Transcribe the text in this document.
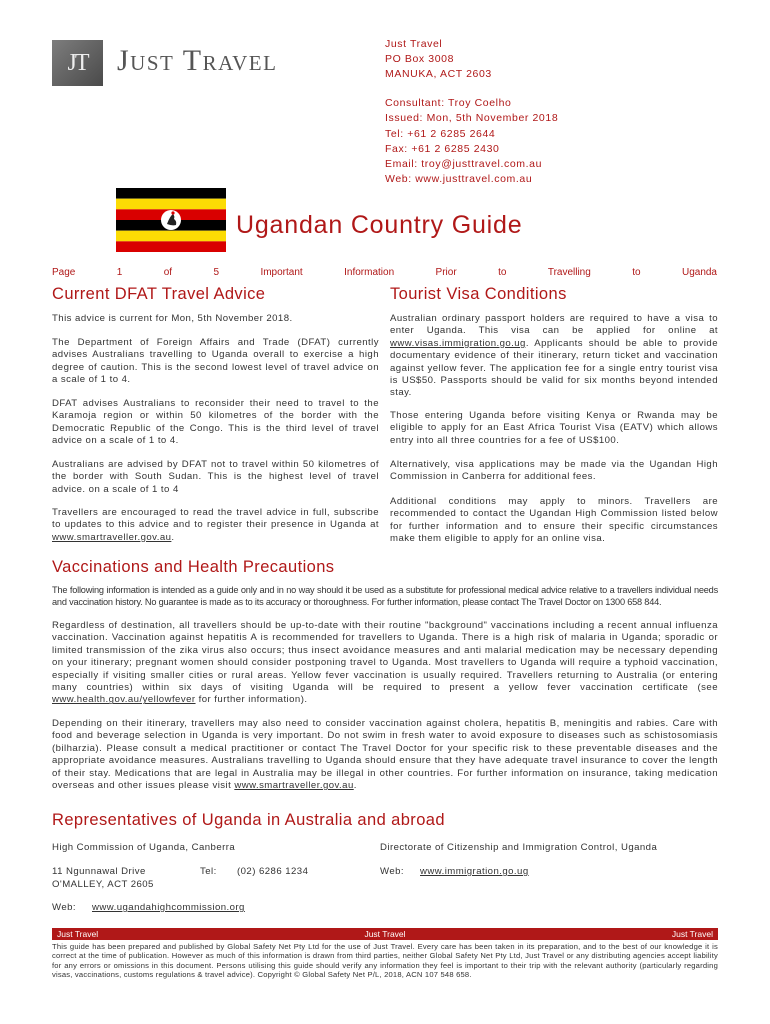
JT Just Travel	Just Travel
PO Box 3008
MANUKA, ACT 2603
Consultant: Troy Coelho
Issued: Mon, 5th November 2018
Tel: +61 2 6285 2644
Fax: +61 2 6285 2430
Email: troy@justtravel.com.au
Web: www.justtravel.com.au
Ugandan Country Guide
Page	1	of	5	Important	Information	Prior	to	Travelling	to	Uganda
Current DFAT Travel Advice

This advice is current for Mon, 5th November 2018.

The Department of Foreign Affairs and Trade (DFAT) currently advises Australians travelling to Uganda overall to exercise a high degree of caution. This is the second lowest level of travel advice on a scale of 1 to 4.

DFAT advises Australians to reconsider their need to travel to the Karamoja region or within 50 kilometres of the border with the Democratic Republic of the Congo. This is the third level of travel advice on a scale of 1 to 4.

Australians are advised by DFAT not to travel within 50 kilometres of the border with South Sudan. This is the highest level of travel advice. on a scale of 1 to 4

Travellers are encouraged to read the travel advice in full, subscribe to updates to this advice and to register their presence in Uganda at www.smartraveller.gov.au.

Tourist Visa Conditions

Australian ordinary passport holders are required to have a visa to enter Uganda. This visa can be applied for online at www.visas.immigration.go.ug. Applicants should be able to provide documentary evidence of their itinerary, return ticket and vaccination against yellow fever. The application fee for a single entry tourist visa is US$50. Passports should be valid for six months beyond intended stay.

Those entering Uganda before visiting Kenya or Rwanda may be eligible to apply for an East Africa Tourist Visa (EATV) which allows entry into all three countries for a fee of US$100.

Alternatively, visa applications may be made via the Ugandan High Commission in Canberra for additional fees.

Additional conditions may apply to minors. Travellers are recommended to contact the Ugandan High Commission listed below for further information and to ensure their specific circumstances make them eligible to apply for an online visa.

Vaccinations and Health Precautions

The following information is intended as a guide only and in no way should it be used as a substitute for professional medical advice relative to a travellers individual needs and vaccination history. No guarantee is made as to its accuracy or thoroughness. For further information, please contact The Travel Doctor on 1300 658 844.

Regardless of destination, all travellers should be up-to-date with their routine "background" vaccinations including a recent annual influenza vaccination. Vaccination against hepatitis A is recommended for travellers to Uganda. There is a high risk of malaria in Uganda; sporadic or limited transmission of the zika virus also occurs; thus insect avoidance measures and anti malarial medication may be necessary depending on your itinerary; pregnant women should consider postponing travel to Uganda. Most travellers to Uganda will require a typhoid vaccination, especially if visiting smaller cities or rural areas. Yellow fever vaccination is usually required. Travellers returning to Australia (or entering many countries) within six days of visiting Uganda will be required to present a yellow fever vaccination certificate (see www.health.gov.au/yellowfever for further information).

Depending on their itinerary, travellers may also need to consider vaccination against cholera, hepatitis B, meningitis and rabies. Care with food and beverage selection in Uganda is very important. Do not swim in fresh water to avoid exposure to diseases such as schistosomiasis (bilharzia). Please consult a medical practitioner or contact The Travel Doctor for your specific risk to these preventable diseases and the appropriate avoidance measures. Australians travelling to Uganda should ensure that they have adequate travel insurance to cover the length of their stay. Medications that are legal in Australia may be illegal in other countries. For further information on insurance, taking medication overseas and other issues please visit www.smartraveller.gov.au.

Representatives of Uganda in Australia and abroad
High Commission of Uganda, Canberra
11 Ngunnawal Drive
O'MALLEY, ACT 2605
Tel: (02) 6286 1234
Web: www.ugandahighcommission.org
Directorate of Citizenship and Immigration Control, Uganda
Web: www.immigration.go.ug
Just Travel	Just Travel	Just Travel

This guide has been prepared and published by Global Safety Net Pty Ltd for the use of Just Travel. Every care has been taken in its preparation, and to the best of our knowledge it is correct at the time of publication. However as much of this information is drawn from third parties, neither Global Safety Net Pty Ltd, Just Travel or any distributing agencies accept liability for any errors or omissions in this document. Persons utilising this guide should verify any information they feel is important to their trip with the relevant authority (particularly regarding visas, vaccinations, customs regulations & travel advice). Copyright © Global Safety Net P/L, 2018, ACN 107 548 658.
